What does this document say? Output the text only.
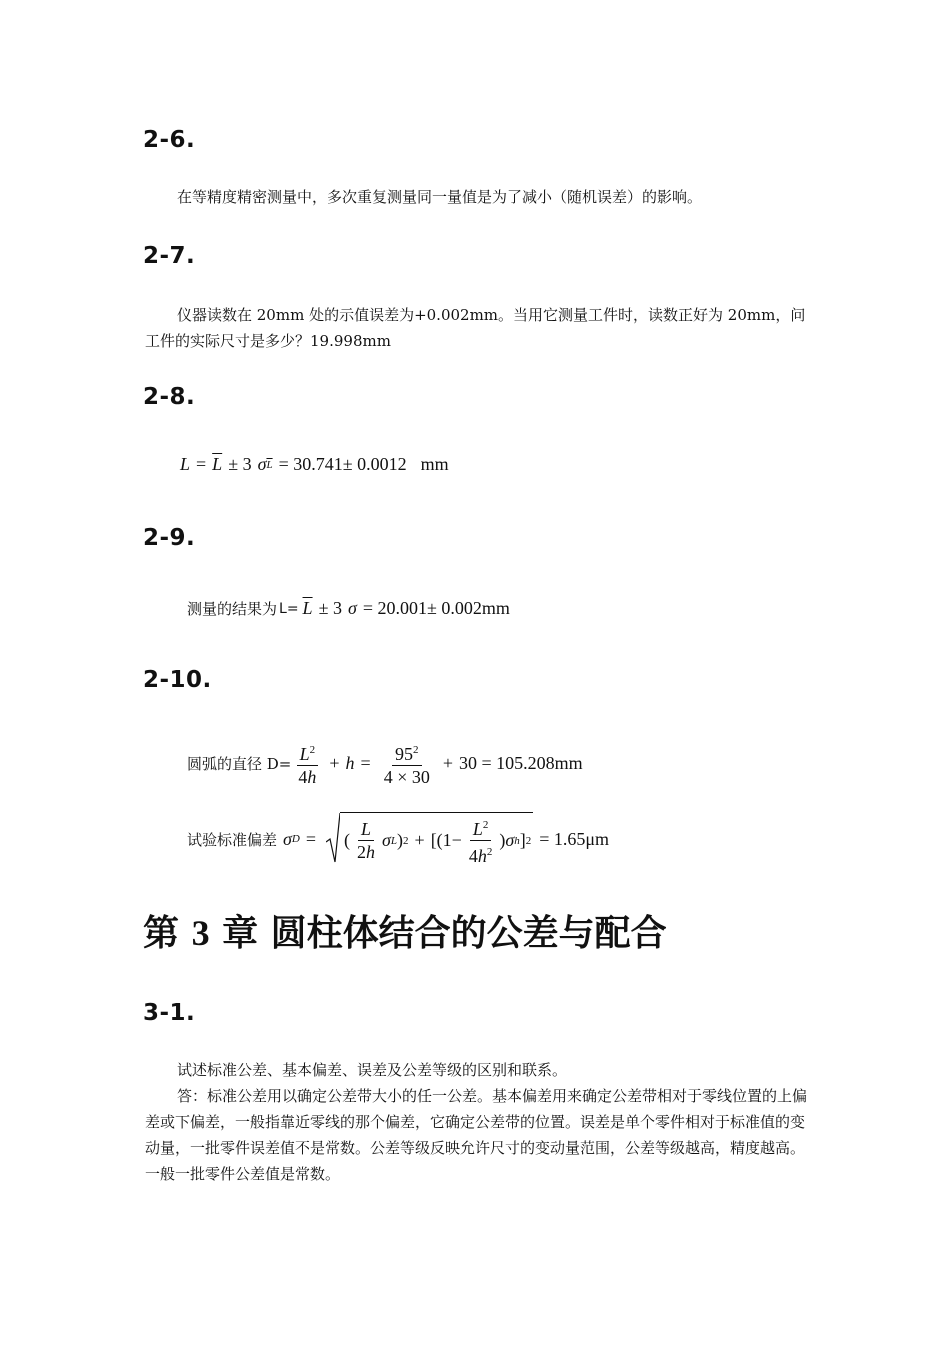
2-6.

在等精度精密测量中，多次重复测量同一量值是为了减小（随机误差）的影响。

2-7.

仪器读数在 20mm 处的示值误差为+0.002mm。当用它测量工件时，读数正好为 20mm，问工件的实际尺寸是多少？19.998mm

2-8.
$L = \overline{L} \pm 3$ σ $\overline{L} = 30.741\pm 0.0012$ mm
2-9.
测量的结果为 $L= \overline{L} \pm 3$ σ = 20.001± 0.002mm
2-10.
圆弧的直径 $D= \frac{L^2}{4h} + h = \frac{95^2}{4 \times 30} + 30 = 105.208mm$
试验标准偏差 σ D = ( $\frac{L}{2h}$ σ L ) $2 + [(1- \frac{L^2}{4h^2}$ ) σ h ] 2 = 1.65μm
第 3 章 圆柱体结合的公差与配合
3-1.

试述标准公差、基本偏差、误差及公差等级的区别和联系。

答：标准公差用以确定公差带大小的任一公差。基本偏差用来确定公差带相对于零线位置的上偏差或下偏差，一般指靠近零线的那个偏差，它确定公差带的位置。误差是单个零件相对于标准值的变动量，一批零件误差值不是常数。公差等级反映允许尺寸的变动量范围，公差等级越高，精度越高。一般一批零件公差值是常数。
